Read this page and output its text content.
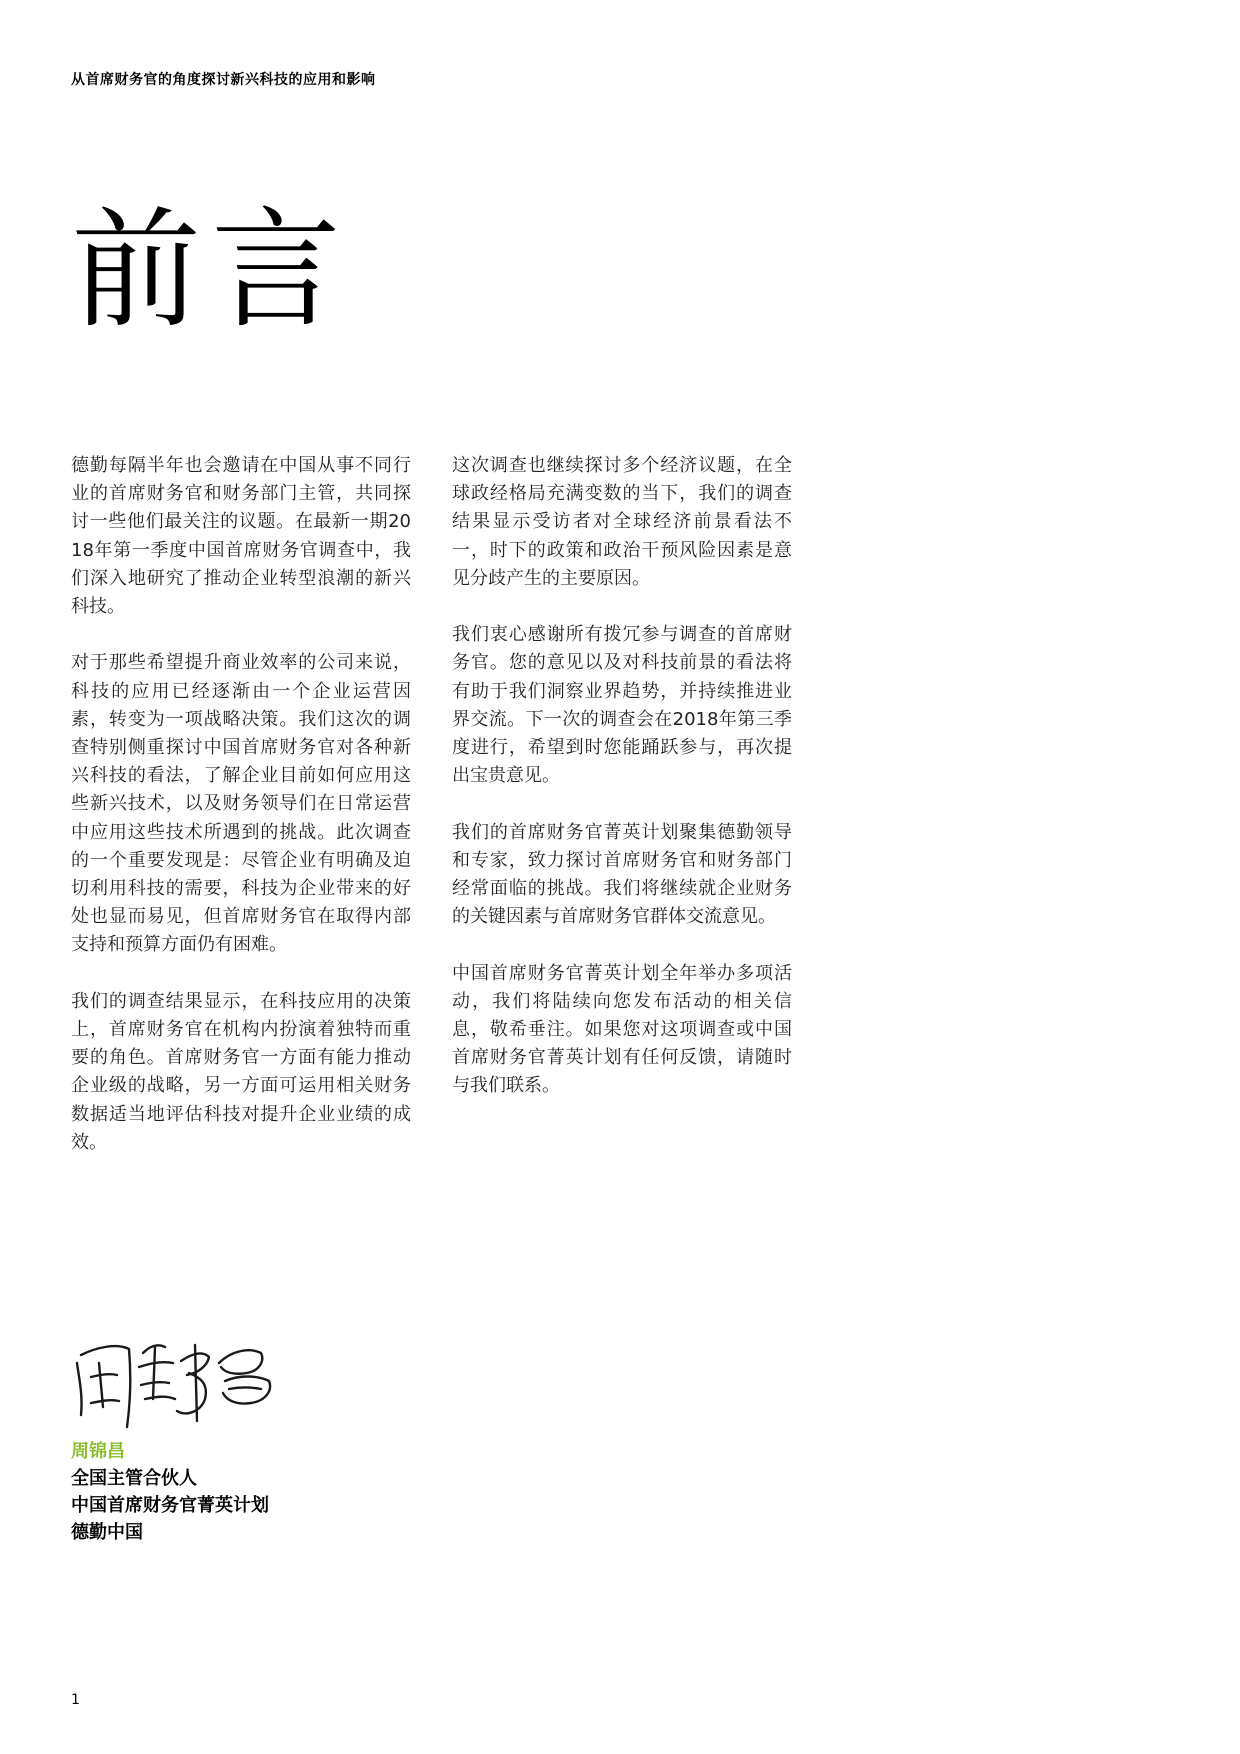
从首席财务官的角度探讨新兴科技的应用和影响
前言

德勤每隔半年也会邀请在中国从事不同行业的首席财务官和财务部门主管，共同探讨一些他们最关注的议题。在最新一期2018年第一季度中国首席财务官调查中，我们深入地研究了推动企业转型浪潮的新兴科技。

对于那些希望提升商业效率的公司来说，科技的应用已经逐渐由一个企业运营因素，转变为一项战略决策。我们这次的调查特别侧重探讨中国首席财务官对各种新兴科技的看法，了解企业目前如何应用这些新兴技术，以及财务领导们在日常运营中应用这些技术所遇到的挑战。此次调查的一个重要发现是：尽管企业有明确及迫切利用科技的需要，科技为企业带来的好处也显而易见，但首席财务官在取得内部支持和预算方面仍有困难。

我们的调查结果显示，在科技应用的决策上，首席财务官在机构内扮演着独特而重要的角色。首席财务官一方面有能力推动企业级的战略，另一方面可运用相关财务数据适当地评估科技对提升企业业绩的成效。

这次调查也继续探讨多个经济议题，在全球政经格局充满变数的当下，我们的调查结果显示受访者对全球经济前景看法不一，时下的政策和政治干预风险因素是意见分歧产生的主要原因。

我们衷心感谢所有拨冗参与调查的首席财务官。您的意见以及对科技前景的看法将有助于我们洞察业界趋势，并持续推进业界交流。下一次的调查会在2018年第三季度进行，希望到时您能踊跃参与，再次提出宝贵意见。

我们的首席财务官菁英计划聚集德勤领导和专家，致力探讨首席财务官和财务部门经常面临的挑战。我们将继续就企业财务的关键因素与首席财务官群体交流意见。

中国首席财务官菁英计划全年举办多项活动，我们将陆续向您发布活动的相关信息，敬希垂注。如果您对这项调查或中国首席财务官菁英计划有任何反馈，请随时与我们联系。

周锦昌
全国主管合伙人
中国首席财务官菁英计划
德勤中国
1
